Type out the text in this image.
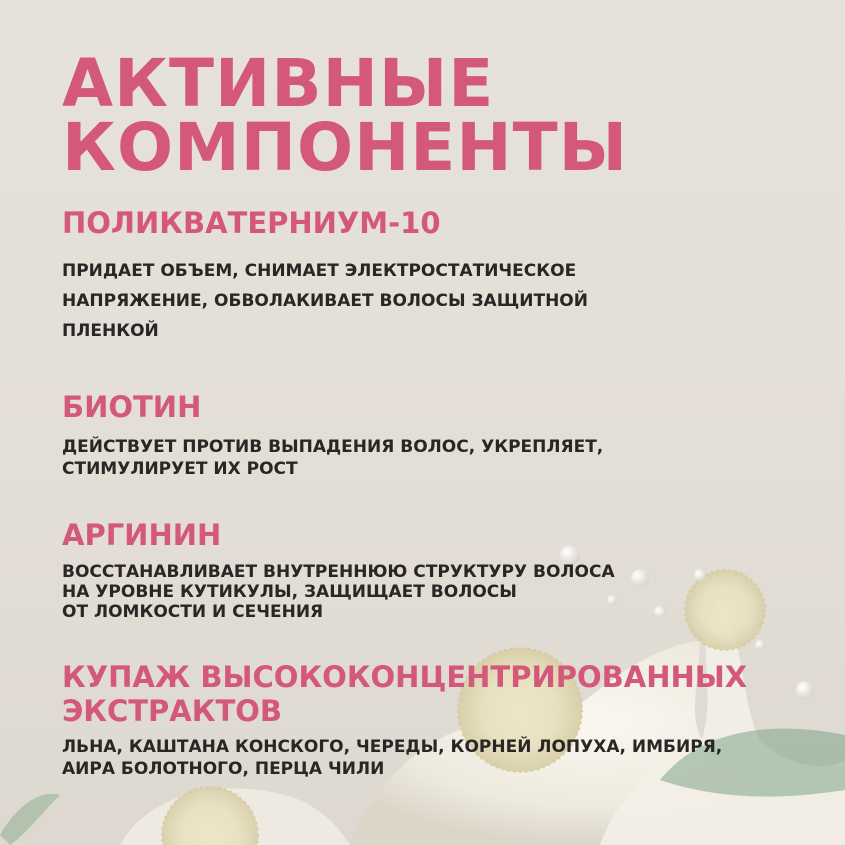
АКТИВНЫЕ
КОМПОНЕНТЫ
ПОЛИКВАТЕРНИУМ-10

ПРИДАЕТ ОБЪЕМ, СНИМАЕТ ЭЛЕКТРОСТАТИЧЕСКОЕ
НАПРЯЖЕНИЕ, ОБВОЛАКИВАЕТ ВОЛОСЫ ЗАЩИТНОЙ
ПЛЕНКОЙ

БИОТИН

ДЕЙСТВУЕТ ПРОТИВ ВЫПАДЕНИЯ ВОЛОС, УКРЕПЛЯЕТ,
СТИМУЛИРУЕТ ИХ РОСТ

АРГИНИН

ВОССТАНАВЛИВАЕТ ВНУТРЕННЮЮ СТРУКТУРУ ВОЛОСА
НА УРОВНЕ КУТИКУЛЫ, ЗАЩИЩАЕТ ВОЛОСЫ
ОТ ЛОМКОСТИ И СЕЧЕНИЯ

КУПАЖ ВЫСОКОКОНЦЕНТРИРОВАННЫХ
ЭКСТРАКТОВ

ЛЬНА, КАШТАНА КОНСКОГО, ЧЕРЕДЫ, КОРНЕЙ ЛОПУХА, ИМБИРЯ,
АИРА БОЛОТНОГО, ПЕРЦА ЧИЛИ
